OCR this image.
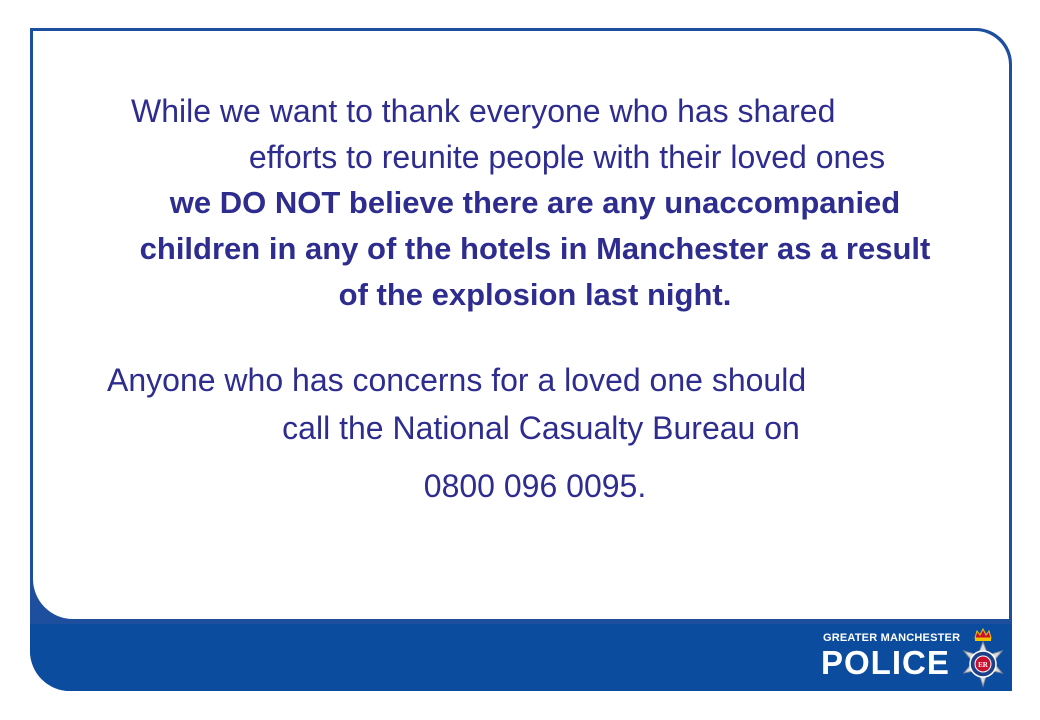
While we want to thank everyone who has shared
efforts to reunite people with their loved ones
we DO NOT believe there are any unaccompanied children in any of the hotels in Manchester as a result of the explosion last night.
Anyone who has concerns for a loved one should
call the National Casualty Bureau on
0800 096 0095.
GREATER MANCHESTER
POLICE	ER
